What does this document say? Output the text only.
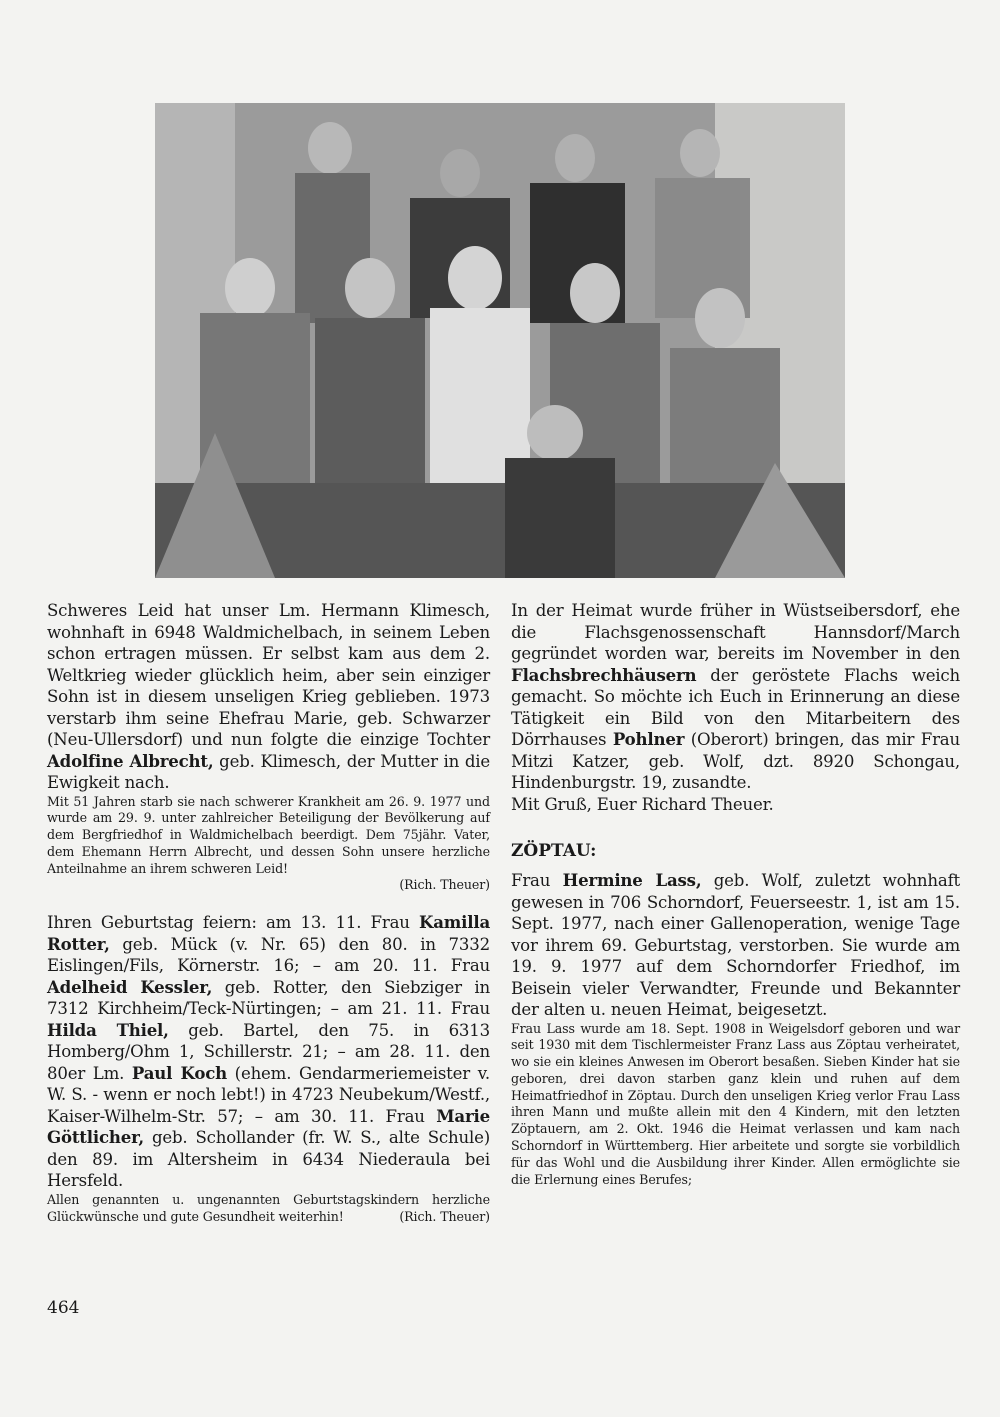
Schweres Leid hat unser Lm. Hermann Klimesch, wohnhaft in 6948 Waldmichelbach, in seinem Leben schon ertragen müssen. Er selbst kam aus dem 2. Weltkrieg wieder glücklich heim, aber sein einziger Sohn ist in diesem unseligen Krieg geblieben. 1973 verstarb ihm seine Ehefrau Marie, geb. Schwarzer (Neu-Ullersdorf) und nun folgte die einzige Tochter Adolfine Albrecht, geb. Klimesch, der Mutter in die Ewigkeit nach.

Mit 51 Jahren starb sie nach schwerer Krankheit am 26. 9. 1977 und wurde am 29. 9. unter zahlreicher Beteiligung der Bevölkerung auf dem Bergfriedhof in Waldmichelbach beerdigt. Dem 75jähr. Vater, dem Ehemann Herrn Albrecht, und dessen Sohn unsere herzliche Anteilnahme an ihrem schweren Leid!

(Rich. Theuer)

Ihren Geburtstag feiern: am 13. 11. Frau Kamilla Rotter, geb. Mück (v. Nr. 65) den 80. in 7332 Eislingen/Fils, Körnerstr. 16; – am 20. 11. Frau Adelheid Kessler, geb. Rotter, den Siebziger in 7312 Kirchheim/Teck-Nürtingen; – am 21. 11. Frau Hilda Thiel, geb. Bartel, den 75. in 6313 Homberg/Ohm 1, Schillerstr. 21; – am 28. 11. den 80er Lm. Paul Koch (ehem. Gendarmeriemeister v. W. S. - wenn er noch lebt!) in 4723 Neubekum/Westf., Kaiser-Wilhelm-Str. 57; – am 30. 11. Frau Marie Göttlicher, geb. Schollander (fr. W. S., alte Schule) den 89. im Altersheim in 6434 Niederaula bei Hersfeld.

Allen genannten u. ungenannten Geburtstagskindern herzliche Glückwünsche und gute Gesundheit weiterhin!	(Rich. Theuer)

In der Heimat wurde früher in Wüstseibersdorf, ehe die Flachsgenossenschaft Hannsdorf/March gegründet worden war, bereits im November in den Flachsbrechhäusern der geröstete Flachs weich gemacht. So möchte ich Euch in Erinnerung an diese Tätigkeit ein Bild von den Mitarbeitern des Dörrhauses Pohlner (Oberort) bringen, das mir Frau Mitzi Katzer, geb. Wolf, dzt. 8920 Schongau, Hindenburgstr. 19, zusandte.

Mit Gruß, Euer Richard Theuer.

ZÖPTAU:

Frau Hermine Lass, geb. Wolf, zuletzt wohnhaft gewesen in 706 Schorndorf, Feuerseestr. 1, ist am 15. Sept. 1977, nach einer Gallenoperation, wenige Tage vor ihrem 69. Geburtstag, verstorben. Sie wurde am 19. 9. 1977 auf dem Schorndorfer Friedhof, im Beisein vieler Verwandter, Freunde und Bekannter der alten u. neuen Heimat, beigesetzt.

Frau Lass wurde am 18. Sept. 1908 in Weigelsdorf geboren und war seit 1930 mit dem Tischlermeister Franz Lass aus Zöptau verheiratet, wo sie ein kleines Anwesen im Oberort besaßen. Sieben Kinder hat sie geboren, drei davon starben ganz klein und ruhen auf dem Heimatfriedhof in Zöptau. Durch den unseligen Krieg verlor Frau Lass ihren Mann und mußte allein mit den 4 Kindern, mit den letzten Zöptauern, am 2. Okt. 1946 die Heimat verlassen und kam nach Schorndorf in Württemberg. Hier arbeitete und sorgte sie vorbildlich für das Wohl und die Ausbildung ihrer Kinder. Allen ermöglichte sie die Erlernung eines Berufes;

464
